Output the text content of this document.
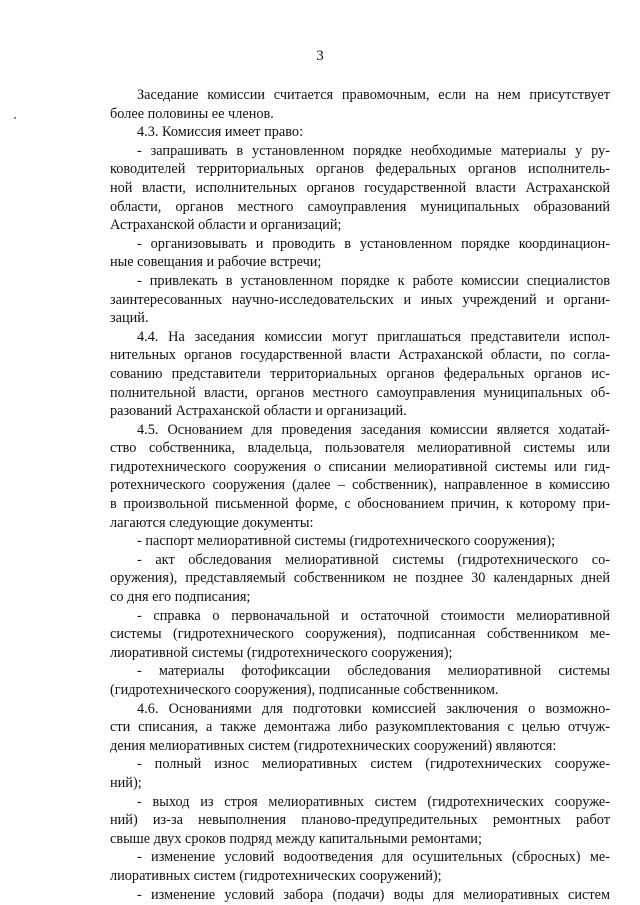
3
Заседание комиссии считается правомочным, если на нем присутствует
более половины ее членов.
4.3. Комиссия имеет право:
- запрашивать в установленном порядке необходимые материалы у ру-
ководителей территориальных органов федеральных органов исполнитель-
ной власти, исполнительных органов государственной власти Астраханской
области, органов местного самоуправления муниципальных образований
Астраханской области и организаций;
- организовывать и проводить в установленном порядке координацион-
ные совещания и рабочие встречи;
- привлекать в установленном порядке к работе комиссии специалистов
заинтересованных научно-исследовательских и иных учреждений и органи-
заций.
4.4. На заседания комиссии могут приглашаться представители испол-
нительных органов государственной власти Астраханской области, по согла-
сованию представители территориальных органов федеральных органов ис-
полнительной власти, органов местного самоуправления муниципальных об-
разований Астраханской области и организаций.
4.5. Основанием для проведения заседания комиссии является ходатай-
ство собственника, владельца, пользователя мелиоративной системы или
гидротехнического сооружения о списании мелиоративной системы или гид-
ротехнического сооружения (далее – собственник), направленное в комиссию
в произвольной письменной форме, с обоснованием причин, к которому при-
лагаются следующие документы:
- паспорт мелиоративной системы (гидротехнического сооружения);
- акт обследования мелиоративной системы (гидротехнического со-
оружения), представляемый собственником не позднее 30 календарных дней
со дня его подписания;
- справка о первоначальной и остаточной стоимости мелиоративной
системы (гидротехнического сооружения), подписанная собственником ме-
лиоративной системы (гидротехнического сооружения);
- материалы фотофиксации обследования мелиоративной системы
(гидротехнического сооружения), подписанные собственником.
4.6. Основаниями для подготовки комиссией заключения о возможно-
сти списания, а также демонтажа либо разукомплектования с целью отчуж-
дения мелиоративных систем (гидротехнических сооружений) являются:
- полный износ мелиоративных систем (гидротехнических сооруже-
ний);
- выход из строя мелиоративных систем (гидротехнических сооруже-
ний) из-за невыполнения планово-предупредительных ремонтных работ
свыше двух сроков подряд между капитальными ремонтами;
- изменение условий водоотведения для осушительных (сбросных) ме-
лиоративных систем (гидротехнических сооружений);
- изменение условий забора (подачи) воды для мелиоративных систем
